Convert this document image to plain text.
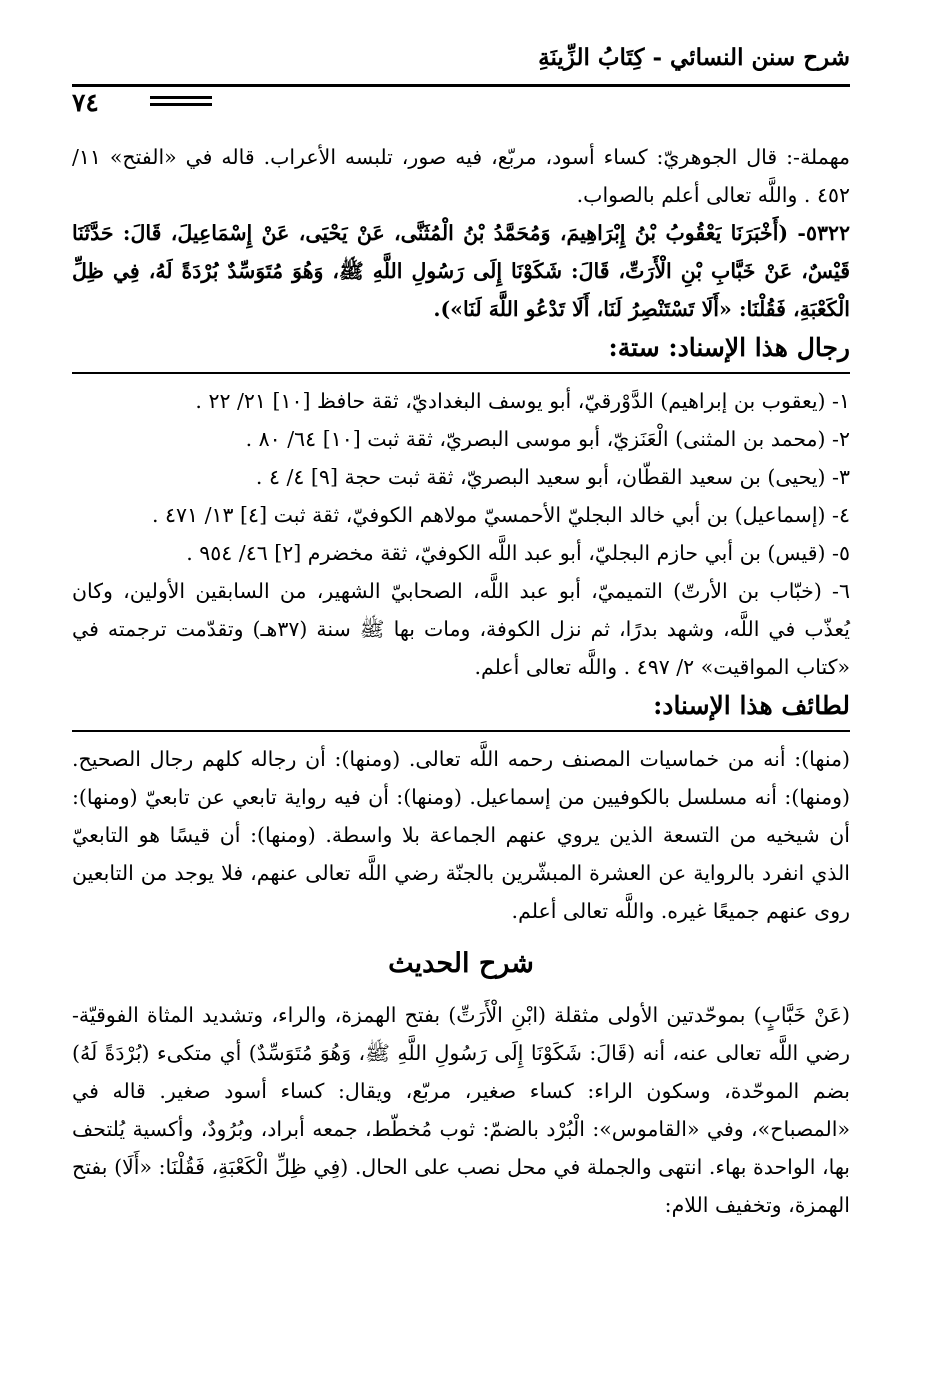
شرح سنن النسائي - كِتَابُ الزِّينَةِ
٧٤

مهملة-: قال الجوهريّ: كساء أسود، مربّع، فيه صور، تلبسه الأعراب. قاله في «الفتح» ١١/ ٤٥٢ . واللَّه تعالى أعلم بالصواب.

٥٣٢٢- (أَخْبَرَنَا يَعْقُوبُ بْنُ إِبْرَاهِيمَ، وَمُحَمَّدُ بْنُ الْمُثَنَّى، عَنْ يَحْيَى، عَنْ إِسْمَاعِيلَ، قَالَ: حَدَّثَنَا قَيْسٌ، عَنْ خَبَّابِ بْنِ الْأَرَتِّ، قَالَ: شَكَوْنَا إِلَى رَسُولِ اللَّهِ ﷺ، وَهُوَ مُتَوَسِّدٌ بُرْدَةً لَهُ، فِي ظِلِّ الْكَعْبَةِ، فَقُلْنَا: «أَلَا تَسْتَنْصِرُ لَنَا، أَلَا تَدْعُو اللَّهَ لَنَا»).

رجال هذا الإسناد: ستة:

١- (يعقوب بن إبراهيم) الدَّوْرقيّ، أبو يوسف البغداديّ، ثقة حافظ [١٠] ٢١/ ٢٢ .

٢- (محمد بن المثنى) الْعَنَزيّ، أبو موسى البصريّ، ثقة ثبت [١٠] ٦٤/ ٨٠ .

٣- (يحيى) بن سعيد القطّان، أبو سعيد البصريّ، ثقة ثبت حجة [٩] ٤/ ٤ .

٤- (إسماعيل) بن أبي خالد البجليّ الأحمسيّ مولاهم الكوفيّ، ثقة ثبت [٤] ١٣/ ٤٧١ .

٥- (قيس) بن أبي حازم البجليّ، أبو عبد اللَّه الكوفيّ، ثقة مخضرم [٢] ٤٦/ ٩٥٤ .

٦- (خبّاب بن الأرتّ) التميميّ، أبو عبد اللَّه، الصحابيّ الشهير، من السابقين الأولين، وكان يُعذّب في اللَّه، وشهد بدرًا، ثم نزل الكوفة، ومات بها ﷺ سنة (٣٧هـ) وتقدّمت ترجمته في «كتاب المواقيت» ٢/ ٤٩٧ . واللَّه تعالى أعلم.

لطائف هذا الإسناد:

(منها): أنه من خماسيات المصنف رحمه اللَّه تعالى. (ومنها): أن رجاله كلهم رجال الصحيح. (ومنها): أنه مسلسل بالكوفيين من إسماعيل. (ومنها): أن فيه رواية تابعي عن تابعيّ (ومنها): أن شيخيه من التسعة الذين يروي عنهم الجماعة بلا واسطة. (ومنها): أن قيسًا هو التابعيّ الذي انفرد بالرواية عن العشرة المبشّرين بالجنّة رضي اللَّه تعالى عنهم، فلا يوجد من التابعين روى عنهم جميعًا غيره. واللَّه تعالى أعلم.

شرح الحديث

(عَنْ خَبَّابٍ) بموحّدتين الأولى مثقلة (ابْنِ الْأَرَتِّ) بفتح الهمزة، والراء، وتشديد المثاة الفوقيّة- رضي اللَّه تعالى عنه، أنه (قَالَ: شَكَوْنَا إِلَى رَسُولِ اللَّهِ ﷺ، وَهُوَ مُتَوَسِّدٌ) أي متكىء (بُرْدَةً لَهُ) بضم الموحّدة، وسكون الراء: كساء صغير، مربّع، ويقال: كساء أسود صغير. قاله في «المصباح»، وفي «القاموس»: الْبُرْد بالضمّ: ثوب مُخطّط، جمعه أبراد، وبُرُودٌ، وأكسية يُلتحف بها، الواحدة بهاء. انتهى والجملة في محل نصب على الحال. (فِي ظِلِّ الْكَعْبَةِ، فَقُلْنَا: «أَلَا) بفتح الهمزة، وتخفيف اللام:
